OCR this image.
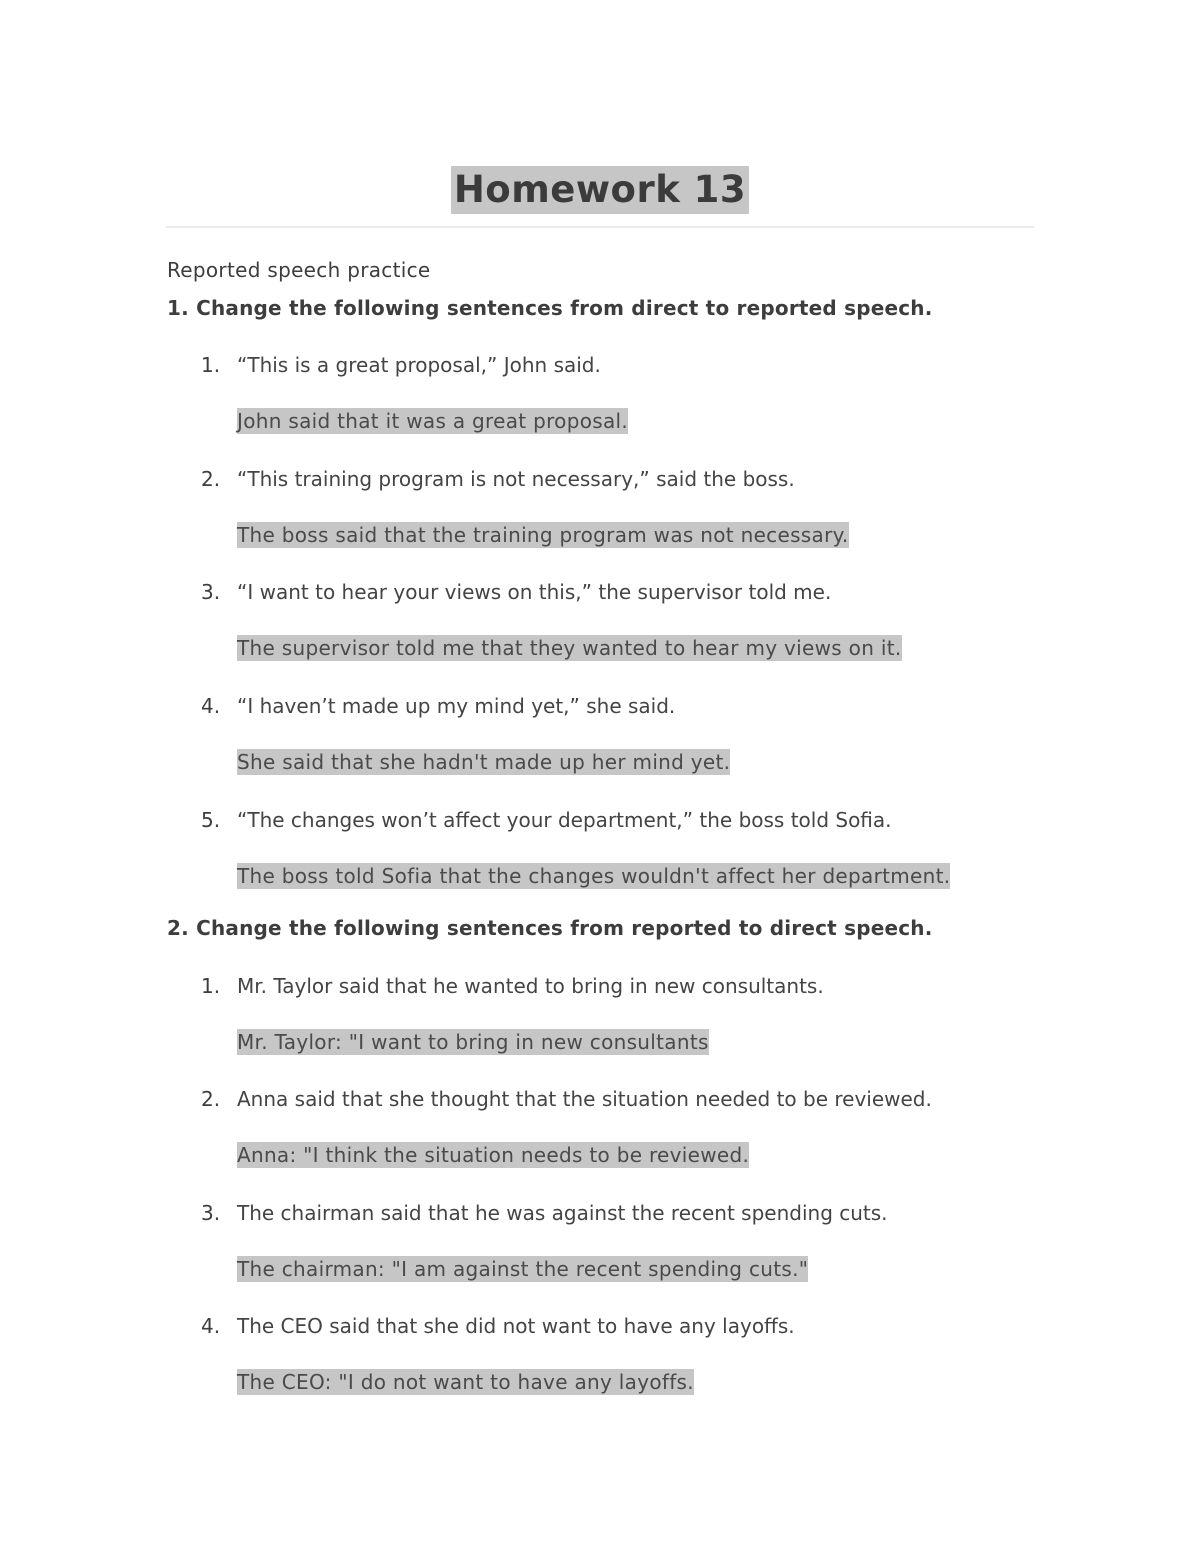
Homework 13
Reported speech practice
1. Change the following sentences from direct to reported speech.
1. “This is a great proposal,” John said.
John said that it was a great proposal.
2. “This training program is not necessary,” said the boss.
The boss said that the training program was not necessary.
3. “I want to hear your views on this,” the supervisor told me.
The supervisor told me that they wanted to hear my views on it.
4. “I haven’t made up my mind yet,” she said.
She said that she hadn't made up her mind yet.
5. “The changes won’t affect your department,” the boss told Sofia.
The boss told Sofia that the changes wouldn't affect her department.
2. Change the following sentences from reported to direct speech.
1. Mr. Taylor said that he wanted to bring in new consultants.
Mr. Taylor: "I want to bring in new consultants
2. Anna said that she thought that the situation needed to be reviewed.
Anna: "I think the situation needs to be reviewed.
3. The chairman said that he was against the recent spending cuts.
The chairman: "I am against the recent spending cuts."
4. The CEO said that she did not want to have any layoffs.
The CEO: "I do not want to have any layoffs.
